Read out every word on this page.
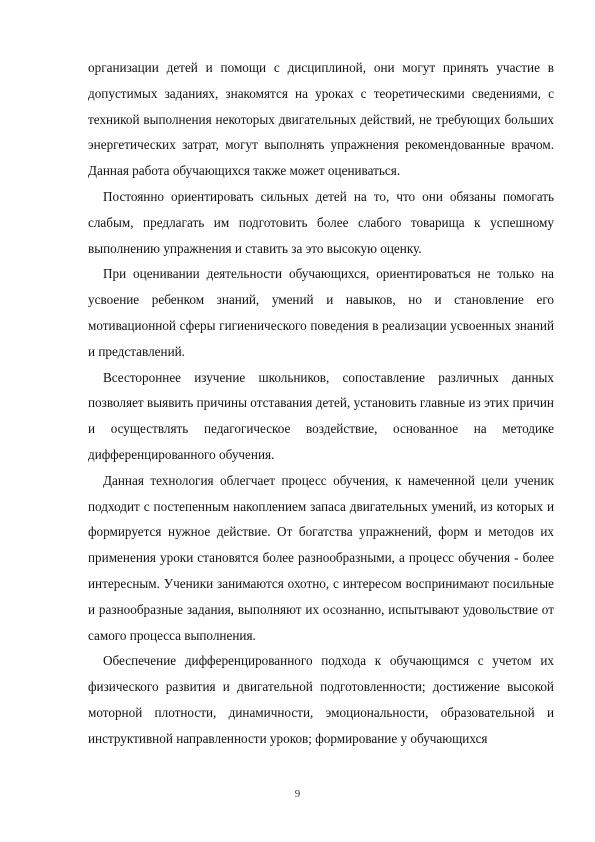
организации детей и помощи с дисциплиной, они могут принять участие в допустимых заданиях, знакомятся на уроках с теоретическими сведениями, с техникой выполнения некоторых двигательных действий, не требующих больших энергетических затрат, могут выполнять упражнения рекомендованные врачом. Данная работа обучающихся также может оцениваться.

Постоянно ориентировать сильных детей на то, что они обязаны помогать слабым, предлагать им подготовить более слабого товарища к успешному выполнению упражнения и ставить за это высокую оценку.

При оценивании деятельности обучающихся, ориентироваться не только на усвоение ребенком знаний, умений и навыков, но и становление его мотивационной сферы гигиенического поведения в реализации усвоенных знаний и представлений.

Всестороннее изучение школьников, сопоставление различных данных позволяет выявить причины отставания детей, установить главные из этих причин и осуществлять педагогическое воздействие, основанное на методике дифференцированного обучения.

Данная технология облегчает процесс обучения, к намеченной цели ученик подходит с постепенным накоплением запаса двигательных умений, из которых и формируется нужное действие. От богатства упражнений, форм и методов их применения уроки становятся более разнообразными, а процесс обучения - более интересным. Ученики занимаются охотно, с интересом воспринимают посильные и разнообразные задания, выполняют их осознанно, испытывают удовольствие от самого процесса выполнения.

Обеспечение дифференцированного подхода к обучающимся с учетом их физического развития и двигательной подготовленности; достижение высокой моторной плотности, динамичности, эмоциональности, образовательной и инструктивной направленности уроков; формирование у обучающихся

9
